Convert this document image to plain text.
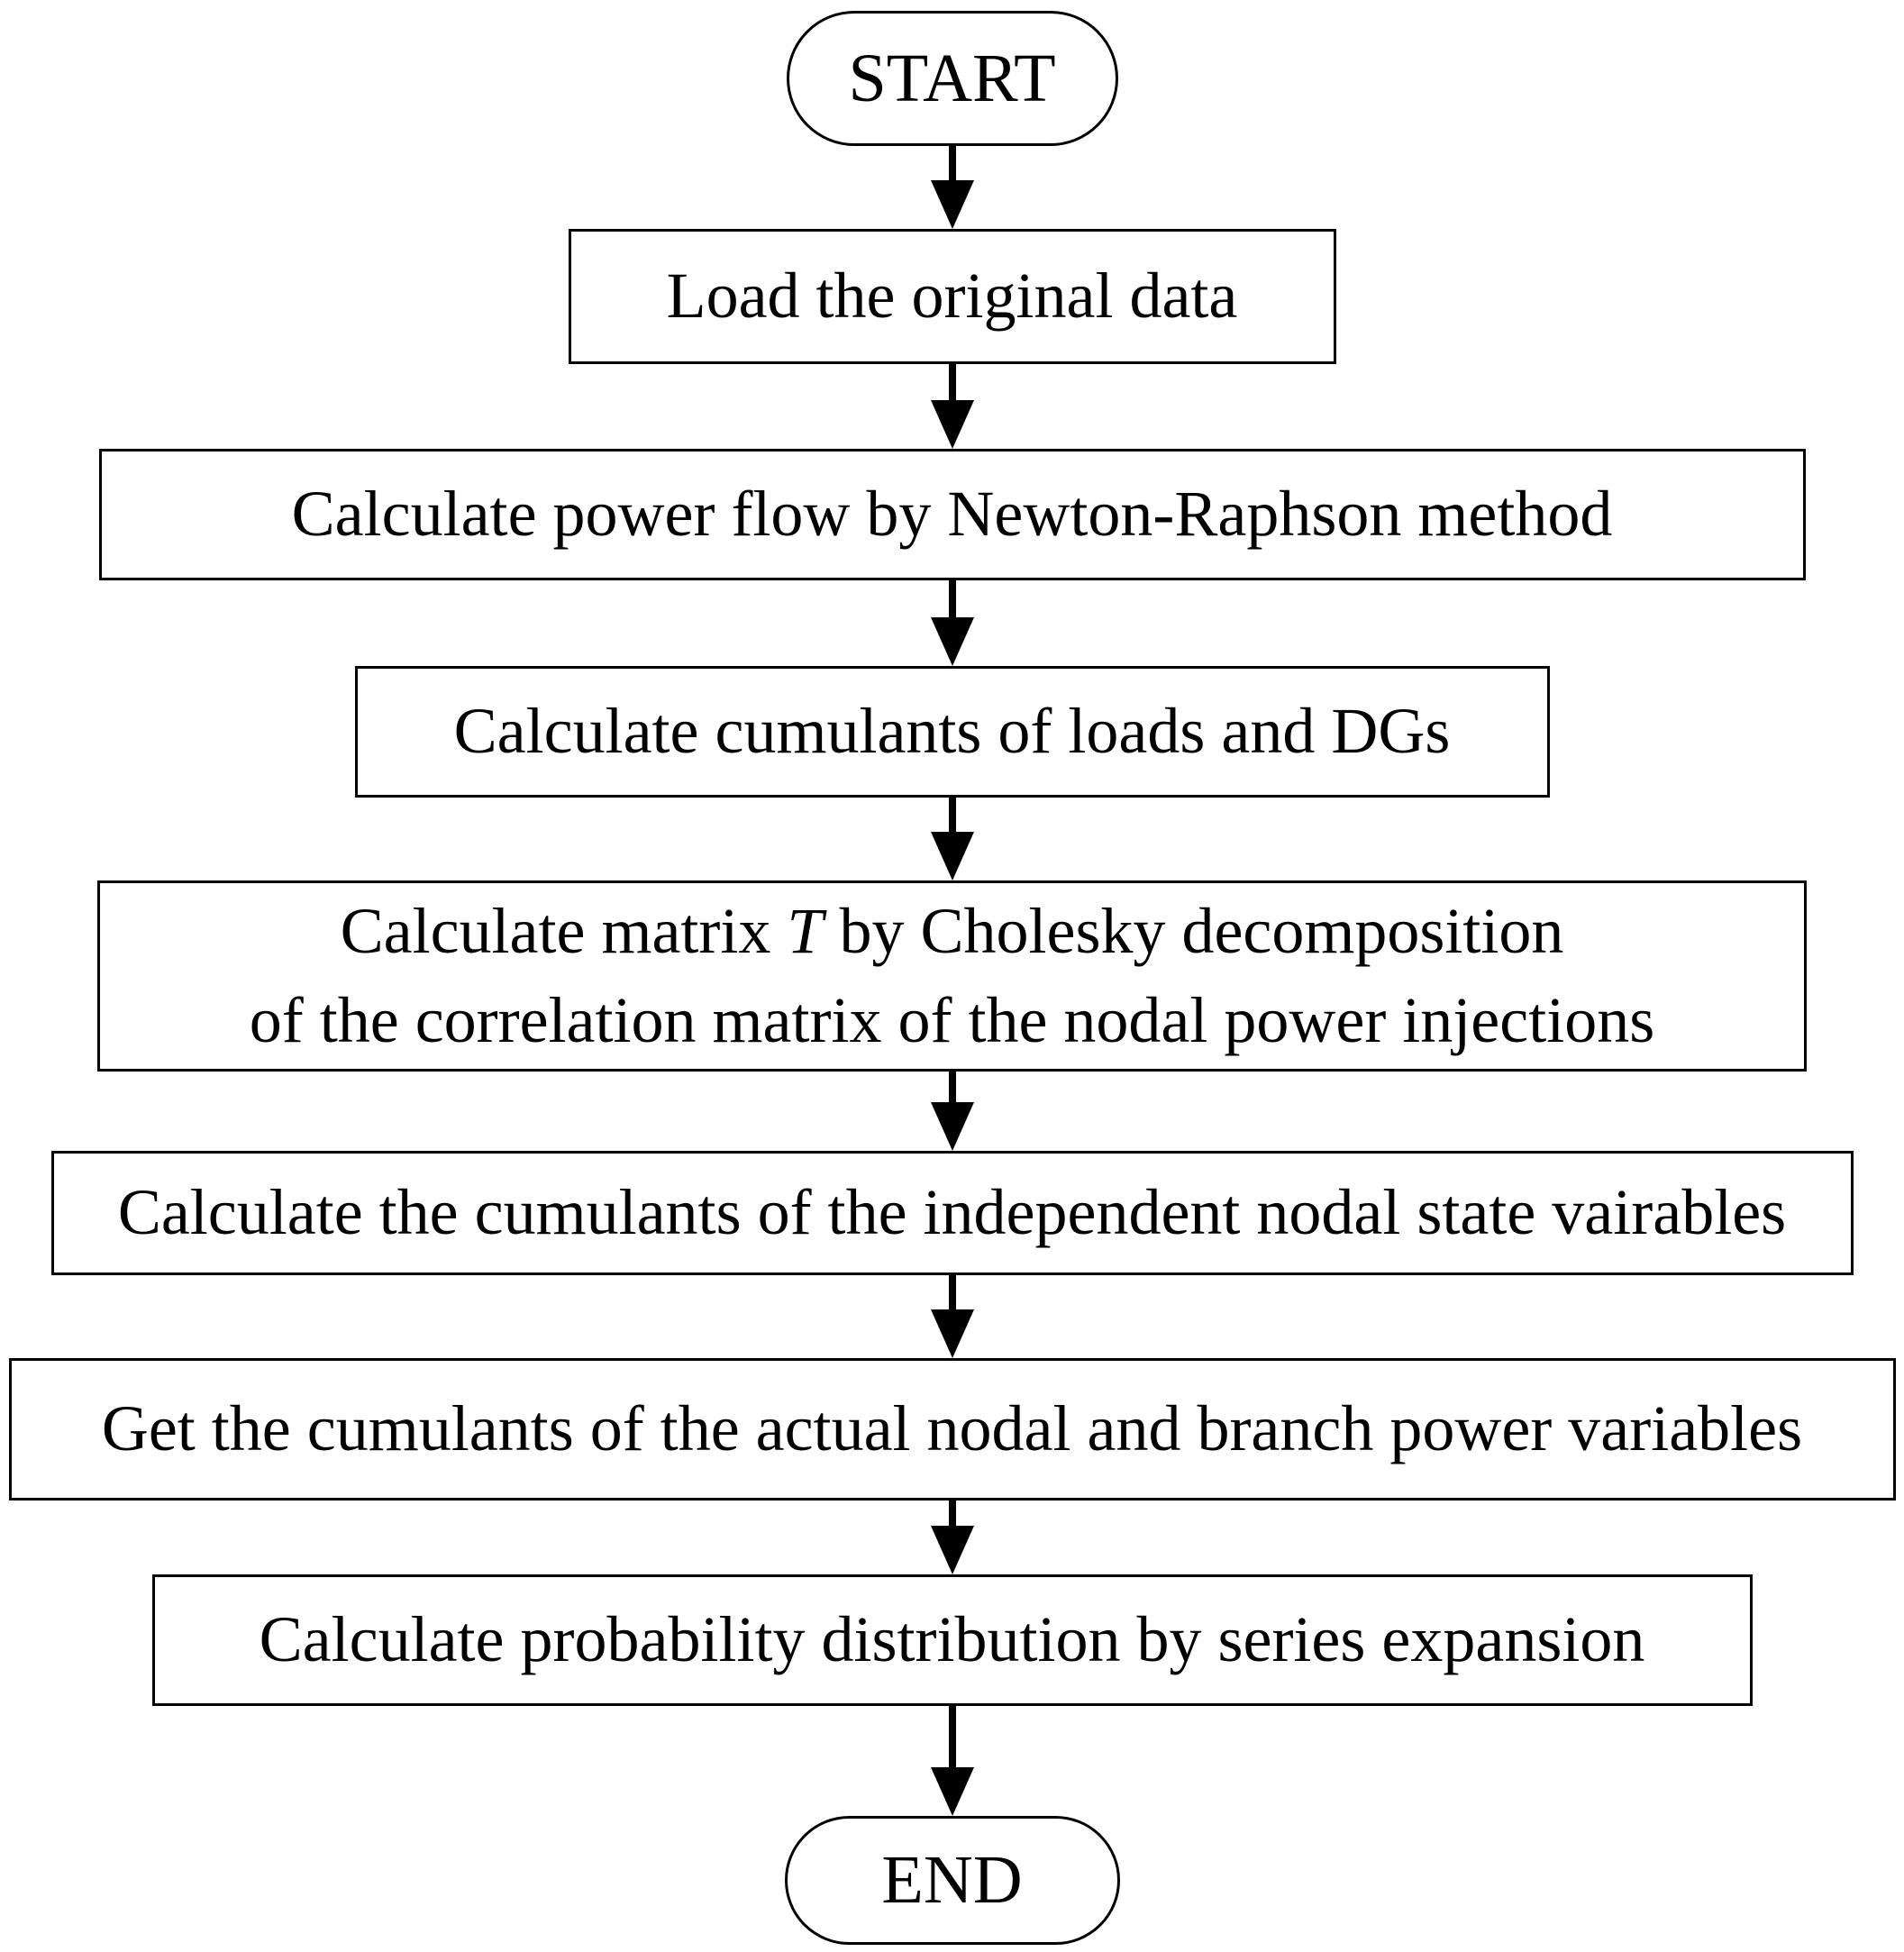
START
Load the original data
Calculate power flow by Newton-Raphson method
Calculate cumulants of loads and DGs
Calculate matrix T by Cholesky decomposition
of the correlation matrix of the nodal power injections
Calculate the cumulants of the independent nodal state vairables
Get the cumulants of the actual nodal and branch power variables
Calculate probability distribution by series expansion
END
